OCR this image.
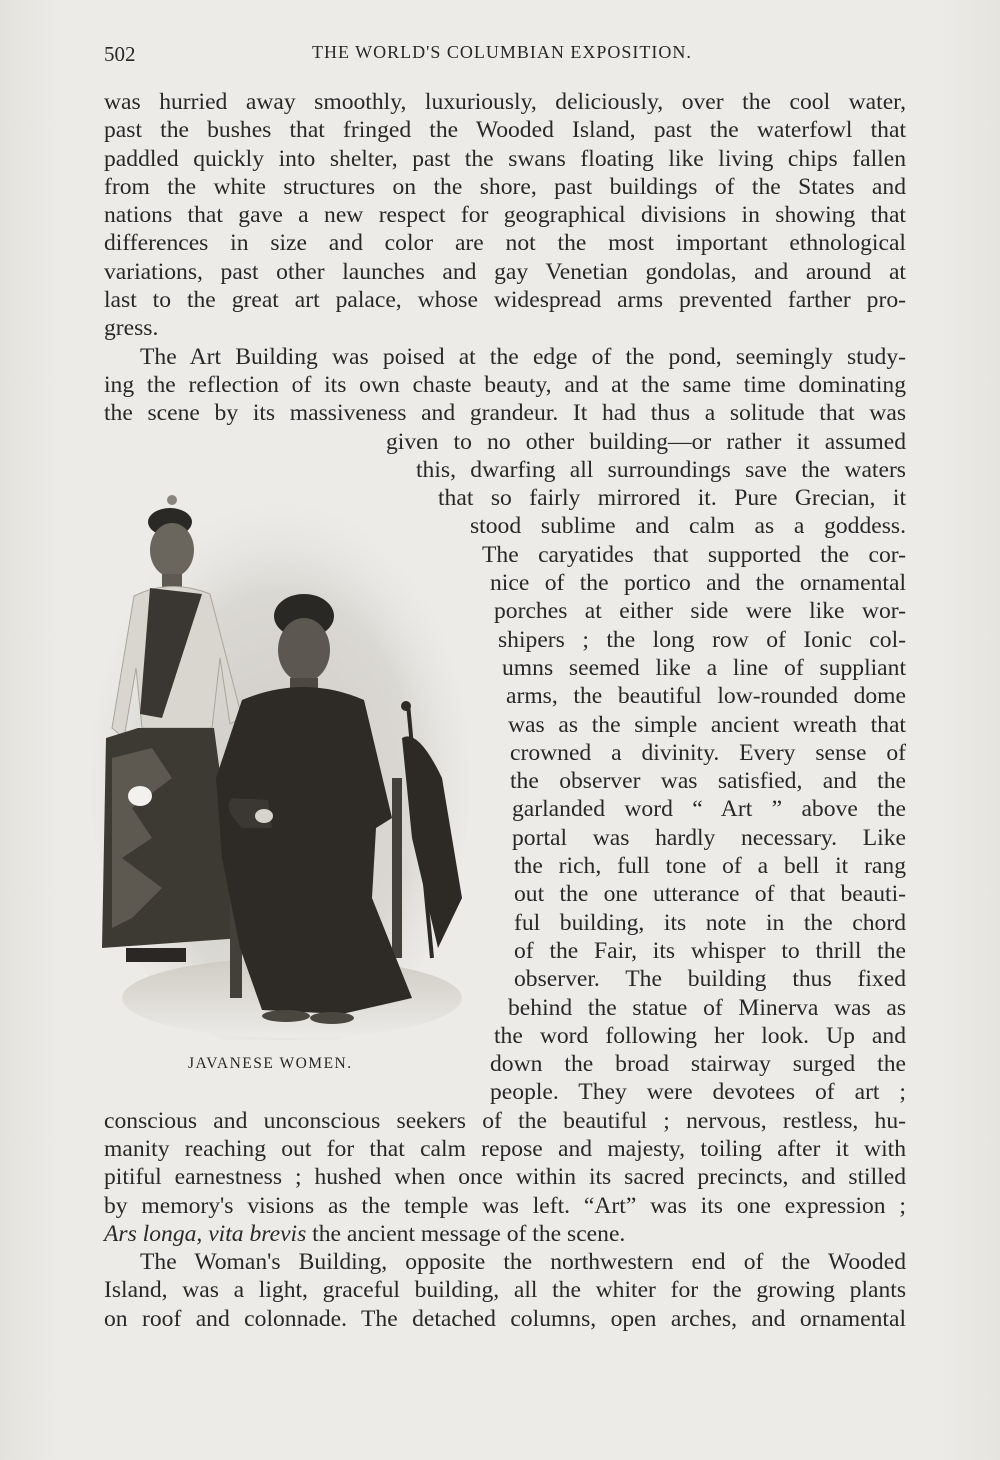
502	THE WORLD'S COLUMBIAN EXPOSITION.
was hurried away smoothly, luxuriously, deliciously, over the cool water,
past the bushes that fringed the Wooded Island, past the waterfowl that
paddled quickly into shelter, past the swans floating like living chips fallen
from the white structures on the shore, past buildings of the States and
nations that gave a new respect for geographical divisions in showing that
differences in size and color are not the most important ethnological
variations, past other launches and gay Venetian gondolas, and around at
last to the great art palace, whose widespread arms prevented farther pro-
gress.
The Art Building was poised at the edge of the pond, seemingly study-
ing the reflection of its own chaste beauty, and at the same time dominating
the scene by its massiveness and grandeur. It had thus a solitude that was
given to no other building—or rather it assumed
this, dwarfing all surroundings save the waters
that so fairly mirrored it. Pure Grecian, it
stood sublime and calm as a goddess.
The caryatides that supported the cor-
nice of the portico and the ornamental
porches at either side were like wor-
shipers ; the long row of Ionic col-
umns seemed like a line of suppliant
arms, the beautiful low-rounded dome
was as the simple ancient wreath that
crowned a divinity. Every sense of
the observer was satisfied, and the
garlanded word “ Art ” above the
portal was hardly necessary. Like
the rich, full tone of a bell it rang
out the one utterance of that beauti-
ful building, its note in the chord
of the Fair, its whisper to thrill the
observer. The building thus fixed
behind the statue of Minerva was as
the word following her look. Up and
down the broad stairway surged the
people. They were devotees of art ;
conscious and unconscious seekers of the beautiful ; nervous, restless, hu-
manity reaching out for that calm repose and majesty, toiling after it with
pitiful earnestness ; hushed when once within its sacred precincts, and stilled
by memory's visions as the temple was left. “Art” was its one expression ;
Ars longa, vita brevis the ancient message of the scene.
The Woman's Building, opposite the northwestern end of the Wooded
Island, was a light, graceful building, all the whiter for the growing plants
on roof and colonnade. The detached columns, open arches, and ornamental
JAVANESE WOMEN.
